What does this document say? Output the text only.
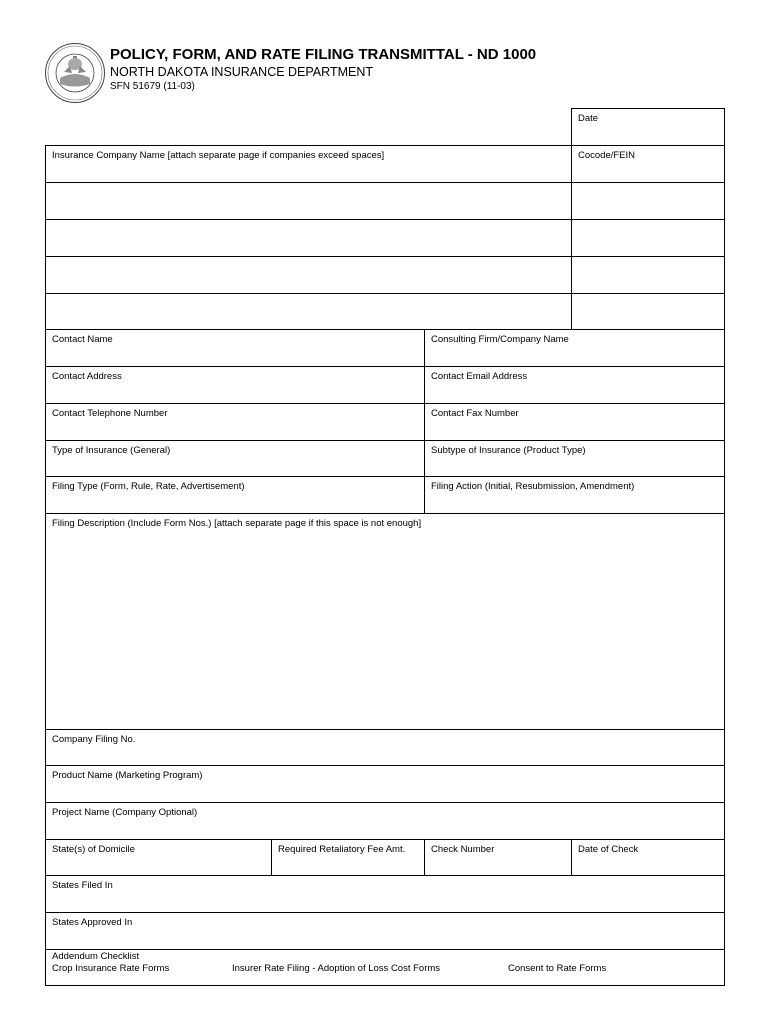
POLICY, FORM, AND RATE FILING TRANSMITTAL - ND 1000
NORTH DAKOTA INSURANCE DEPARTMENT
SFN 51679 (11-03)
Date
Insurance Company Name [attach separate page if companies exceed spaces]	Cocode/FEIN
Contact Name	Consulting Firm/Company Name
Contact Address	Contact Email Address
Contact Telephone Number	Contact Fax Number
Type of Insurance (General)	Subtype of Insurance (Product Type)
Filing Type (Form, Rule, Rate, Advertisement)	Filing Action (Initial, Resubmission, Amendment)
Filing Description (Include Form Nos.) [attach separate page if this space is not enough]
Company Filing No.
Product Name (Marketing Program)
Project Name (Company Optional)
State(s) of Domicile	Required Retaliatory Fee Amt.	Check Number	Date of Check
States Filed In
States Approved In
Addendum Checklist
Crop Insurance Rate Forms	Insurer Rate Filing - Adoption of Loss Cost Forms	Consent to Rate Forms
